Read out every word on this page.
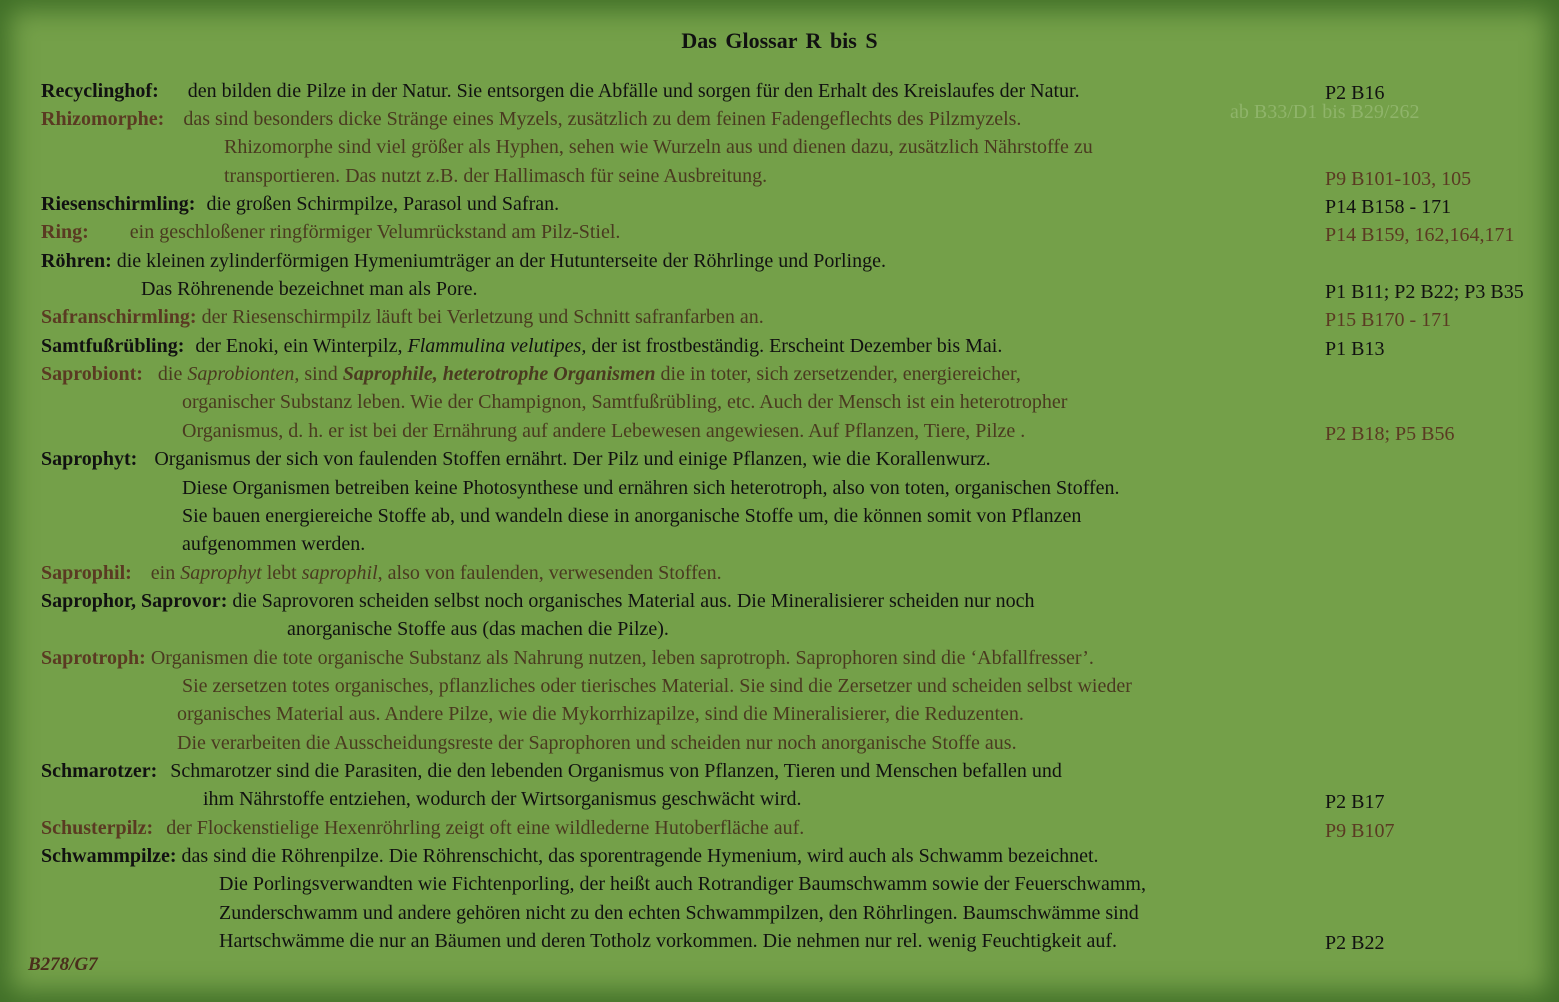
Das Glossar R bis S
ab B33/D1 bis B29/262
Recyclinghof: den bilden die Pilze in der Natur. Sie entsorgen die Abfälle und sorgen für den Erhalt des Kreislaufes der Natur.	P2 B16
Rhizomorphe: das sind besonders dicke Stränge eines Myzels, zusätzlich zu dem feinen Fadengeflechts des Pilzmyzels.
Rhizomorphe sind viel größer als Hyphen, sehen wie Wurzeln aus und dienen dazu, zusätzlich Nährstoffe zu
transportieren. Das nutzt z.B. der Hallimasch für seine Ausbreitung.	P9 B101-103, 105
Riesenschirmling: die großen Schirmpilze, Parasol und Safran.	P14 B158 - 171
Ring: ein geschloßener ringförmiger Velumrückstand am Pilz-Stiel.	P14 B159, 162,164,171
Röhren: die kleinen zylinderförmigen Hymeniumträger an der Hutunterseite der Röhrlinge und Porlinge.
Das Röhrenende bezeichnet man als Pore.	P1 B11; P2 B22; P3 B35
Safranschirmling: der Riesenschirmpilz läuft bei Verletzung und Schnitt safranfarben an.	P15 B170 - 171
Samtfußrübling: der Enoki, ein Winterpilz, Flammulina velutipes, der ist frostbeständig. Erscheint Dezember bis Mai.	P1 B13
Saprobiont: die Saprobionten, sind Saprophile, heterotrophe Organismen die in toter, sich zersetzender, energiereicher,
organischer Substanz leben. Wie der Champignon, Samtfußrübling, etc. Auch der Mensch ist ein heterotropher
Organismus, d. h. er ist bei der Ernährung auf andere Lebewesen angewiesen. Auf Pflanzen, Tiere, Pilze .	P2 B18; P5 B56
Saprophyt: Organismus der sich von faulenden Stoffen ernährt. Der Pilz und einige Pflanzen, wie die Korallenwurz.
Diese Organismen betreiben keine Photosynthese und ernähren sich heterotroph, also von toten, organischen Stoffen.
Sie bauen energiereiche Stoffe ab, und wandeln diese in anorganische Stoffe um, die können somit von Pflanzen
aufgenommen werden.
Saprophil: ein Saprophyt lebt saprophil, also von faulenden, verwesenden Stoffen.
Saprophor, Saprovor: die Saprovoren scheiden selbst noch organisches Material aus. Die Mineralisierer scheiden nur noch
anorganische Stoffe aus (das machen die Pilze).
Saprotroph: Organismen die tote organische Substanz als Nahrung nutzen, leben saprotroph. Saprophoren sind die ‘Abfallfresser’.
Sie zersetzen totes organisches, pflanzliches oder tierisches Material. Sie sind die Zersetzer und scheiden selbst wieder
organisches Material aus. Andere Pilze, wie die Mykorrhizapilze, sind die Mineralisierer, die Reduzenten.
Die verarbeiten die Ausscheidungsreste der Saprophoren und scheiden nur noch anorganische Stoffe aus.
Schmarotzer: Schmarotzer sind die Parasiten, die den lebenden Organismus von Pflanzen, Tieren und Menschen befallen und
ihm Nährstoffe entziehen, wodurch der Wirtsorganismus geschwächt wird.	P2 B17
Schusterpilz: der Flockenstielige Hexenröhrling zeigt oft eine wildlederne Hutoberfläche auf.	P9 B107
Schwammpilze: das sind die Röhrenpilze. Die Röhrenschicht, das sporentragende Hymenium, wird auch als Schwamm bezeichnet.
Die Porlingsverwandten wie Fichtenporling, der heißt auch Rotrandiger Baumschwamm sowie der Feuerschwamm,
Zunderschwamm und andere gehören nicht zu den echten Schwammpilzen, den Röhrlingen. Baumschwämme sind
Hartschwämme die nur an Bäumen und deren Totholz vorkommen. Die nehmen nur rel. wenig Feuchtigkeit auf.	P2 B22
B278/G7
